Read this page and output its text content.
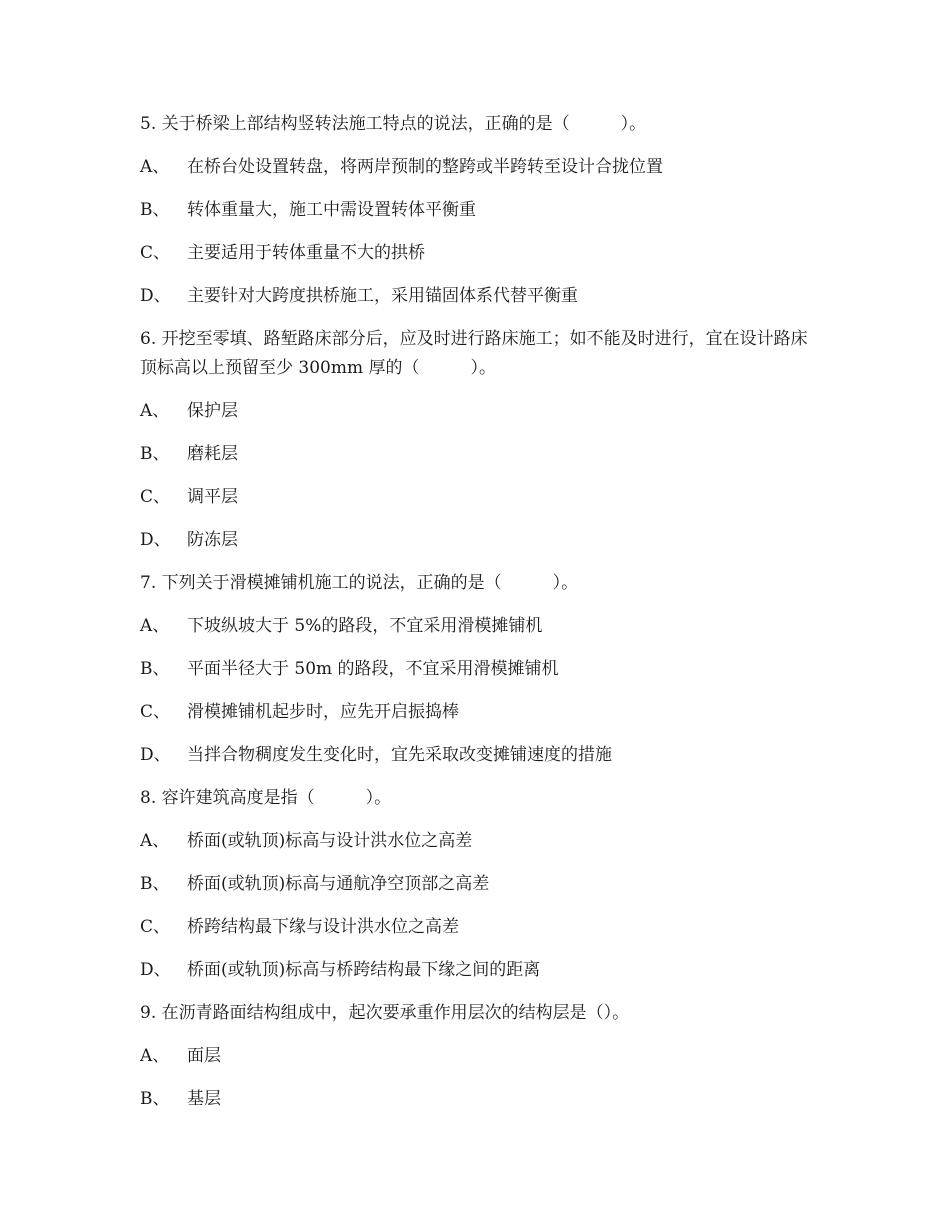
5. 关于桥梁上部结构竖转法施工特点的说法，正确的是（　　　）。

A、	在桥台处设置转盘，将两岸预制的整跨或半跨转至设计合拢位置
B、	转体重量大，施工中需设置转体平衡重
C、 主要适用于转体重量不大的拱桥
D、 主要针对大跨度拱桥施工，采用锚固体系代替平衡重

6. 开挖至零填、路堑路床部分后，应及时进行路床施工；如不能及时进行，宜在设计路床顶标高以上预留至少 300mm 厚的（　　　）。

A、	保护层
B、	磨耗层
C、 调平层
D、 防冻层

7. 下列关于滑模摊铺机施工的说法，正确的是（　　　）。

A、	下坡纵坡大于 5%的路段，不宜采用滑模摊铺机
B、	平面半径大于 50m 的路段，不宜采用滑模摊铺机
C、 滑模摊铺机起步时，应先开启振捣棒
D、 当拌合物稠度发生变化时，宜先采取改变摊铺速度的措施

8. 容许建筑高度是指（　　　）。

A、	桥面(或轨顶)标高与设计洪水位之高差
B、	桥面(或轨顶)标高与通航净空顶部之高差
C、 桥跨结构最下缘与设计洪水位之高差
D、 桥面(或轨顶)标高与桥跨结构最下缘之间的距离

9. 在沥青路面结构组成中，起次要承重作用层次的结构层是（）。

A、	面层
B、	基层
